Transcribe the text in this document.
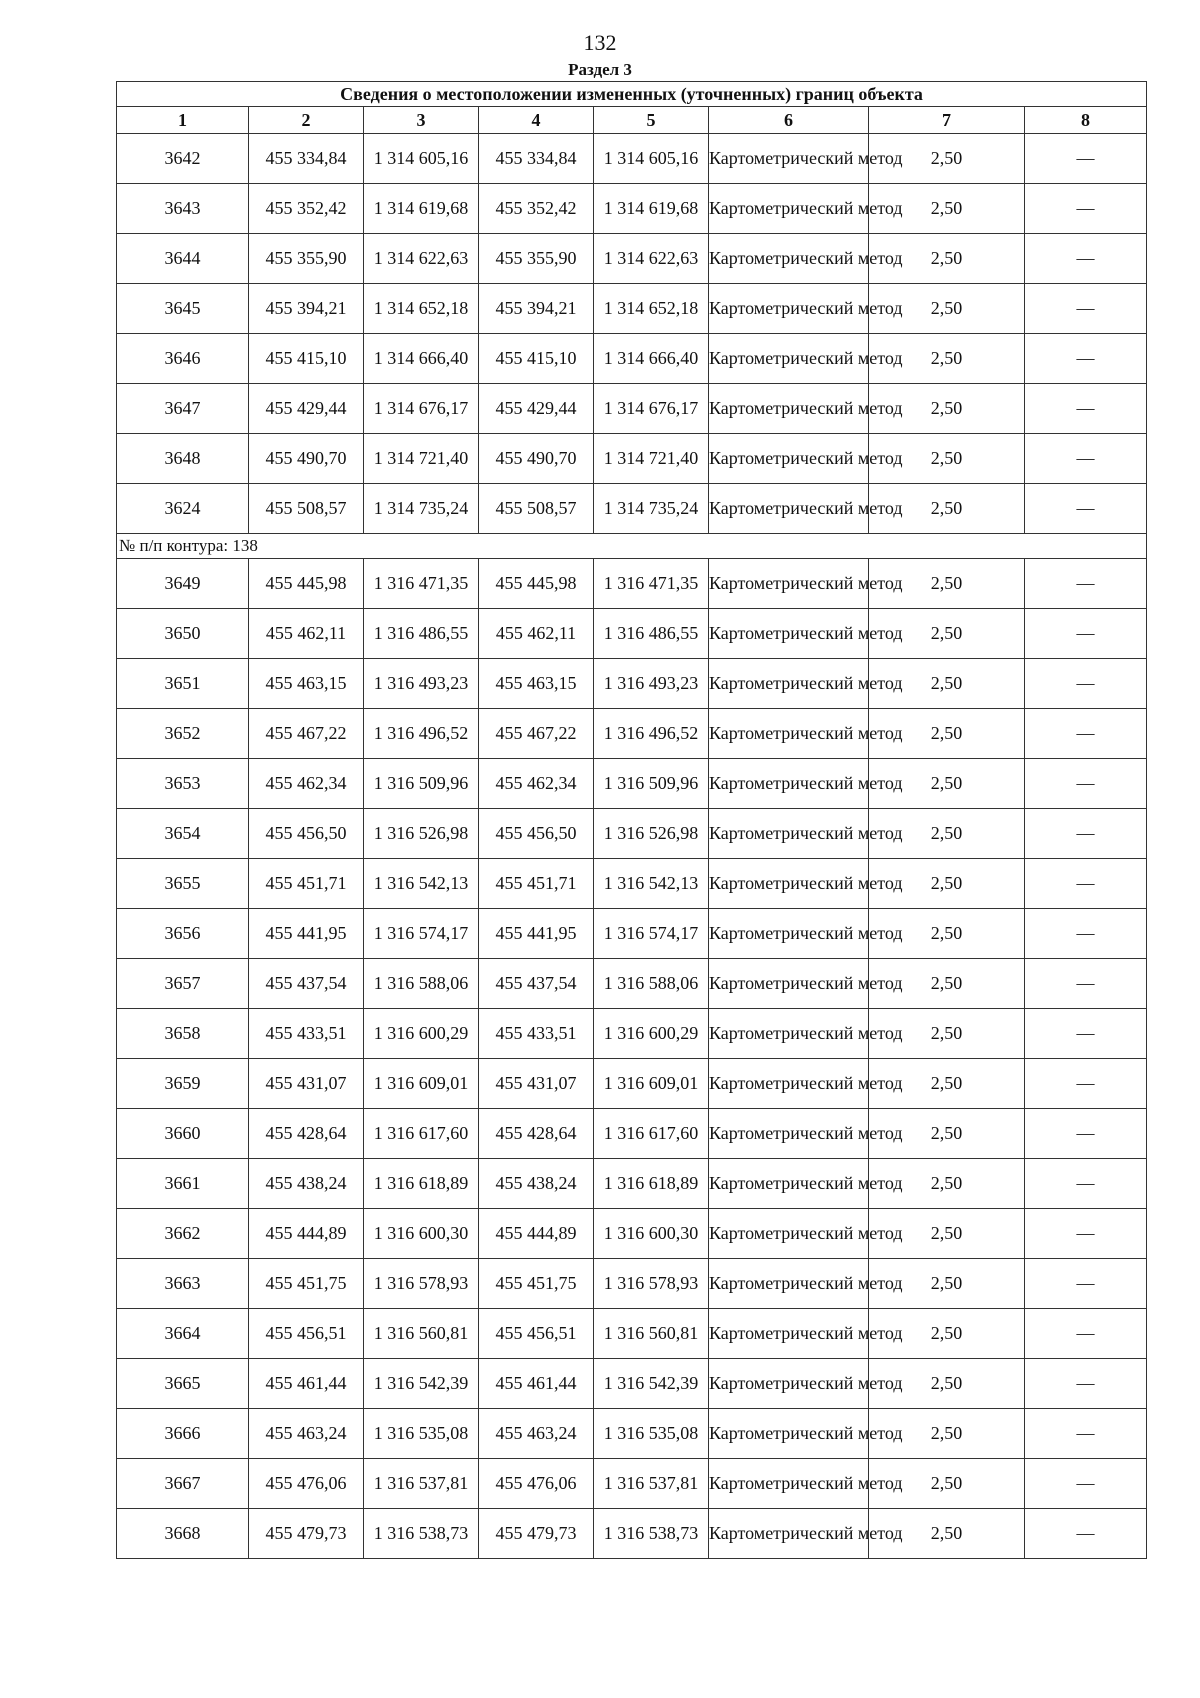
132
Раздел 3
Сведения о местоположении измененных (уточненных) границ объекта							
1	2	3	4	5	6	7	8
3642	455 334,84	1 314 605,16	455 334,84	1 314 605,16	Картометрический метод	2,50	—
3643	455 352,42	1 314 619,68	455 352,42	1 314 619,68	Картометрический метод	2,50	—
3644	455 355,90	1 314 622,63	455 355,90	1 314 622,63	Картометрический метод	2,50	—
3645	455 394,21	1 314 652,18	455 394,21	1 314 652,18	Картометрический метод	2,50	—
3646	455 415,10	1 314 666,40	455 415,10	1 314 666,40	Картометрический метод	2,50	—
3647	455 429,44	1 314 676,17	455 429,44	1 314 676,17	Картометрический метод	2,50	—
3648	455 490,70	1 314 721,40	455 490,70	1 314 721,40	Картометрический метод	2,50	—
3624	455 508,57	1 314 735,24	455 508,57	1 314 735,24	Картометрический метод	2,50	—
№ п/п контура: 138							
3649	455 445,98	1 316 471,35	455 445,98	1 316 471,35	Картометрический метод	2,50	—
3650	455 462,11	1 316 486,55	455 462,11	1 316 486,55	Картометрический метод	2,50	—
3651	455 463,15	1 316 493,23	455 463,15	1 316 493,23	Картометрический метод	2,50	—
3652	455 467,22	1 316 496,52	455 467,22	1 316 496,52	Картометрический метод	2,50	—
3653	455 462,34	1 316 509,96	455 462,34	1 316 509,96	Картометрический метод	2,50	—
3654	455 456,50	1 316 526,98	455 456,50	1 316 526,98	Картометрический метод	2,50	—
3655	455 451,71	1 316 542,13	455 451,71	1 316 542,13	Картометрический метод	2,50	—
3656	455 441,95	1 316 574,17	455 441,95	1 316 574,17	Картометрический метод	2,50	—
3657	455 437,54	1 316 588,06	455 437,54	1 316 588,06	Картометрический метод	2,50	—
3658	455 433,51	1 316 600,29	455 433,51	1 316 600,29	Картометрический метод	2,50	—
3659	455 431,07	1 316 609,01	455 431,07	1 316 609,01	Картометрический метод	2,50	—
3660	455 428,64	1 316 617,60	455 428,64	1 316 617,60	Картометрический метод	2,50	—
3661	455 438,24	1 316 618,89	455 438,24	1 316 618,89	Картометрический метод	2,50	—
3662	455 444,89	1 316 600,30	455 444,89	1 316 600,30	Картометрический метод	2,50	—
3663	455 451,75	1 316 578,93	455 451,75	1 316 578,93	Картометрический метод	2,50	—
3664	455 456,51	1 316 560,81	455 456,51	1 316 560,81	Картометрический метод	2,50	—
3665	455 461,44	1 316 542,39	455 461,44	1 316 542,39	Картометрический метод	2,50	—
3666	455 463,24	1 316 535,08	455 463,24	1 316 535,08	Картометрический метод	2,50	—
3667	455 476,06	1 316 537,81	455 476,06	1 316 537,81	Картометрический метод	2,50	—
3668	455 479,73	1 316 538,73	455 479,73	1 316 538,73	Картометрический метод	2,50	—
